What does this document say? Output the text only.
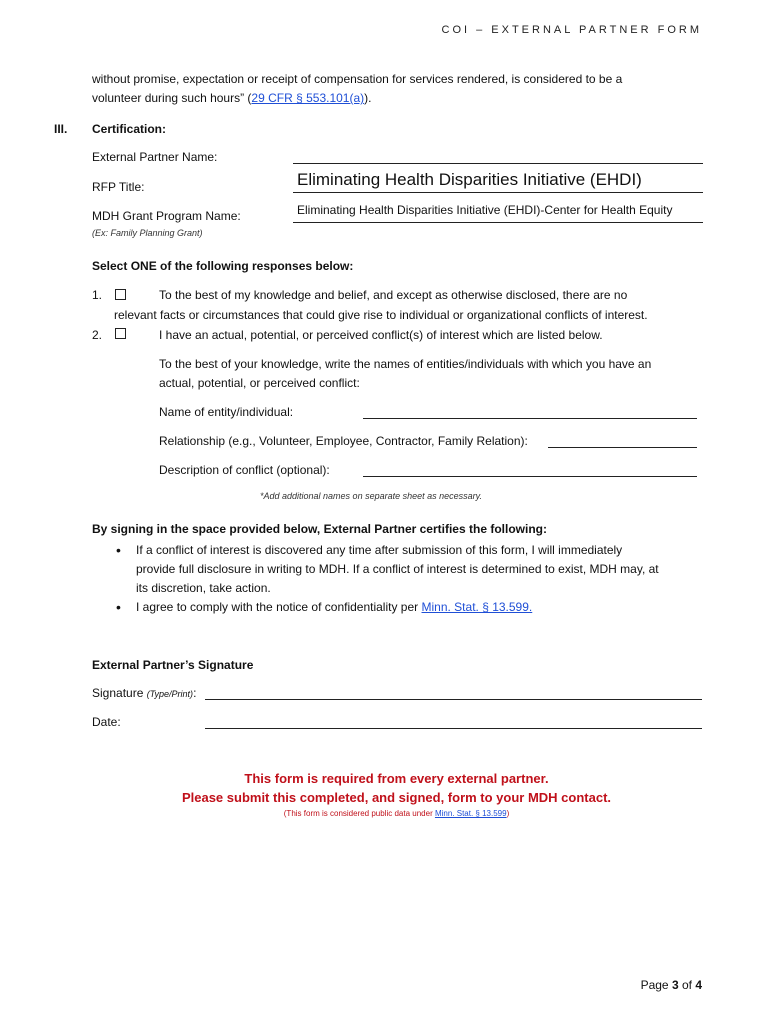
COI – EXTERNAL PARTNER FORM
without promise, expectation or receipt of compensation for services rendered, is considered to be a
volunteer during such hours” (29 CFR § 553.101(a)).
III. Certification:
External Partner Name:
RFP Title:	Eliminating Health Disparities Initiative (EHDI)
MDH Grant Program Name:	Eliminating Health Disparities Initiative (EHDI)-Center for Health Equity
(Ex: Family Planning Grant)
Select ONE of the following responses below:
1.	To the best of my knowledge and belief, and except as otherwise disclosed, there are no
relevant facts or circumstances that could give rise to individual or organizational conflicts of interest.
2.	I have an actual, potential, or perceived conflict(s) of interest which are listed below.
To the best of your knowledge, write the names of entities/individuals with which you have an
actual, potential, or perceived conflict:
Name of entity/individual:
Relationship (e.g., Volunteer, Employee, Contractor, Family Relation):
Description of conflict (optional):
*Add additional names on separate sheet as necessary.
By signing in the space provided below, External Partner certifies the following:
• If a conflict of interest is discovered any time after submission of this form, I will immediately
provide full disclosure in writing to MDH. If a conflict of interest is determined to exist, MDH may, at
its discretion, take action.
• I agree to comply with the notice of confidentiality per Minn. Stat. § 13.599.
External Partner’s Signature
Signature (Type/Print):
Date:
This form is required from every external partner.
Please submit this completed, and signed, form to your MDH contact.
(This form is considered public data under Minn. Stat. § 13.599)
Page 3 of 4
